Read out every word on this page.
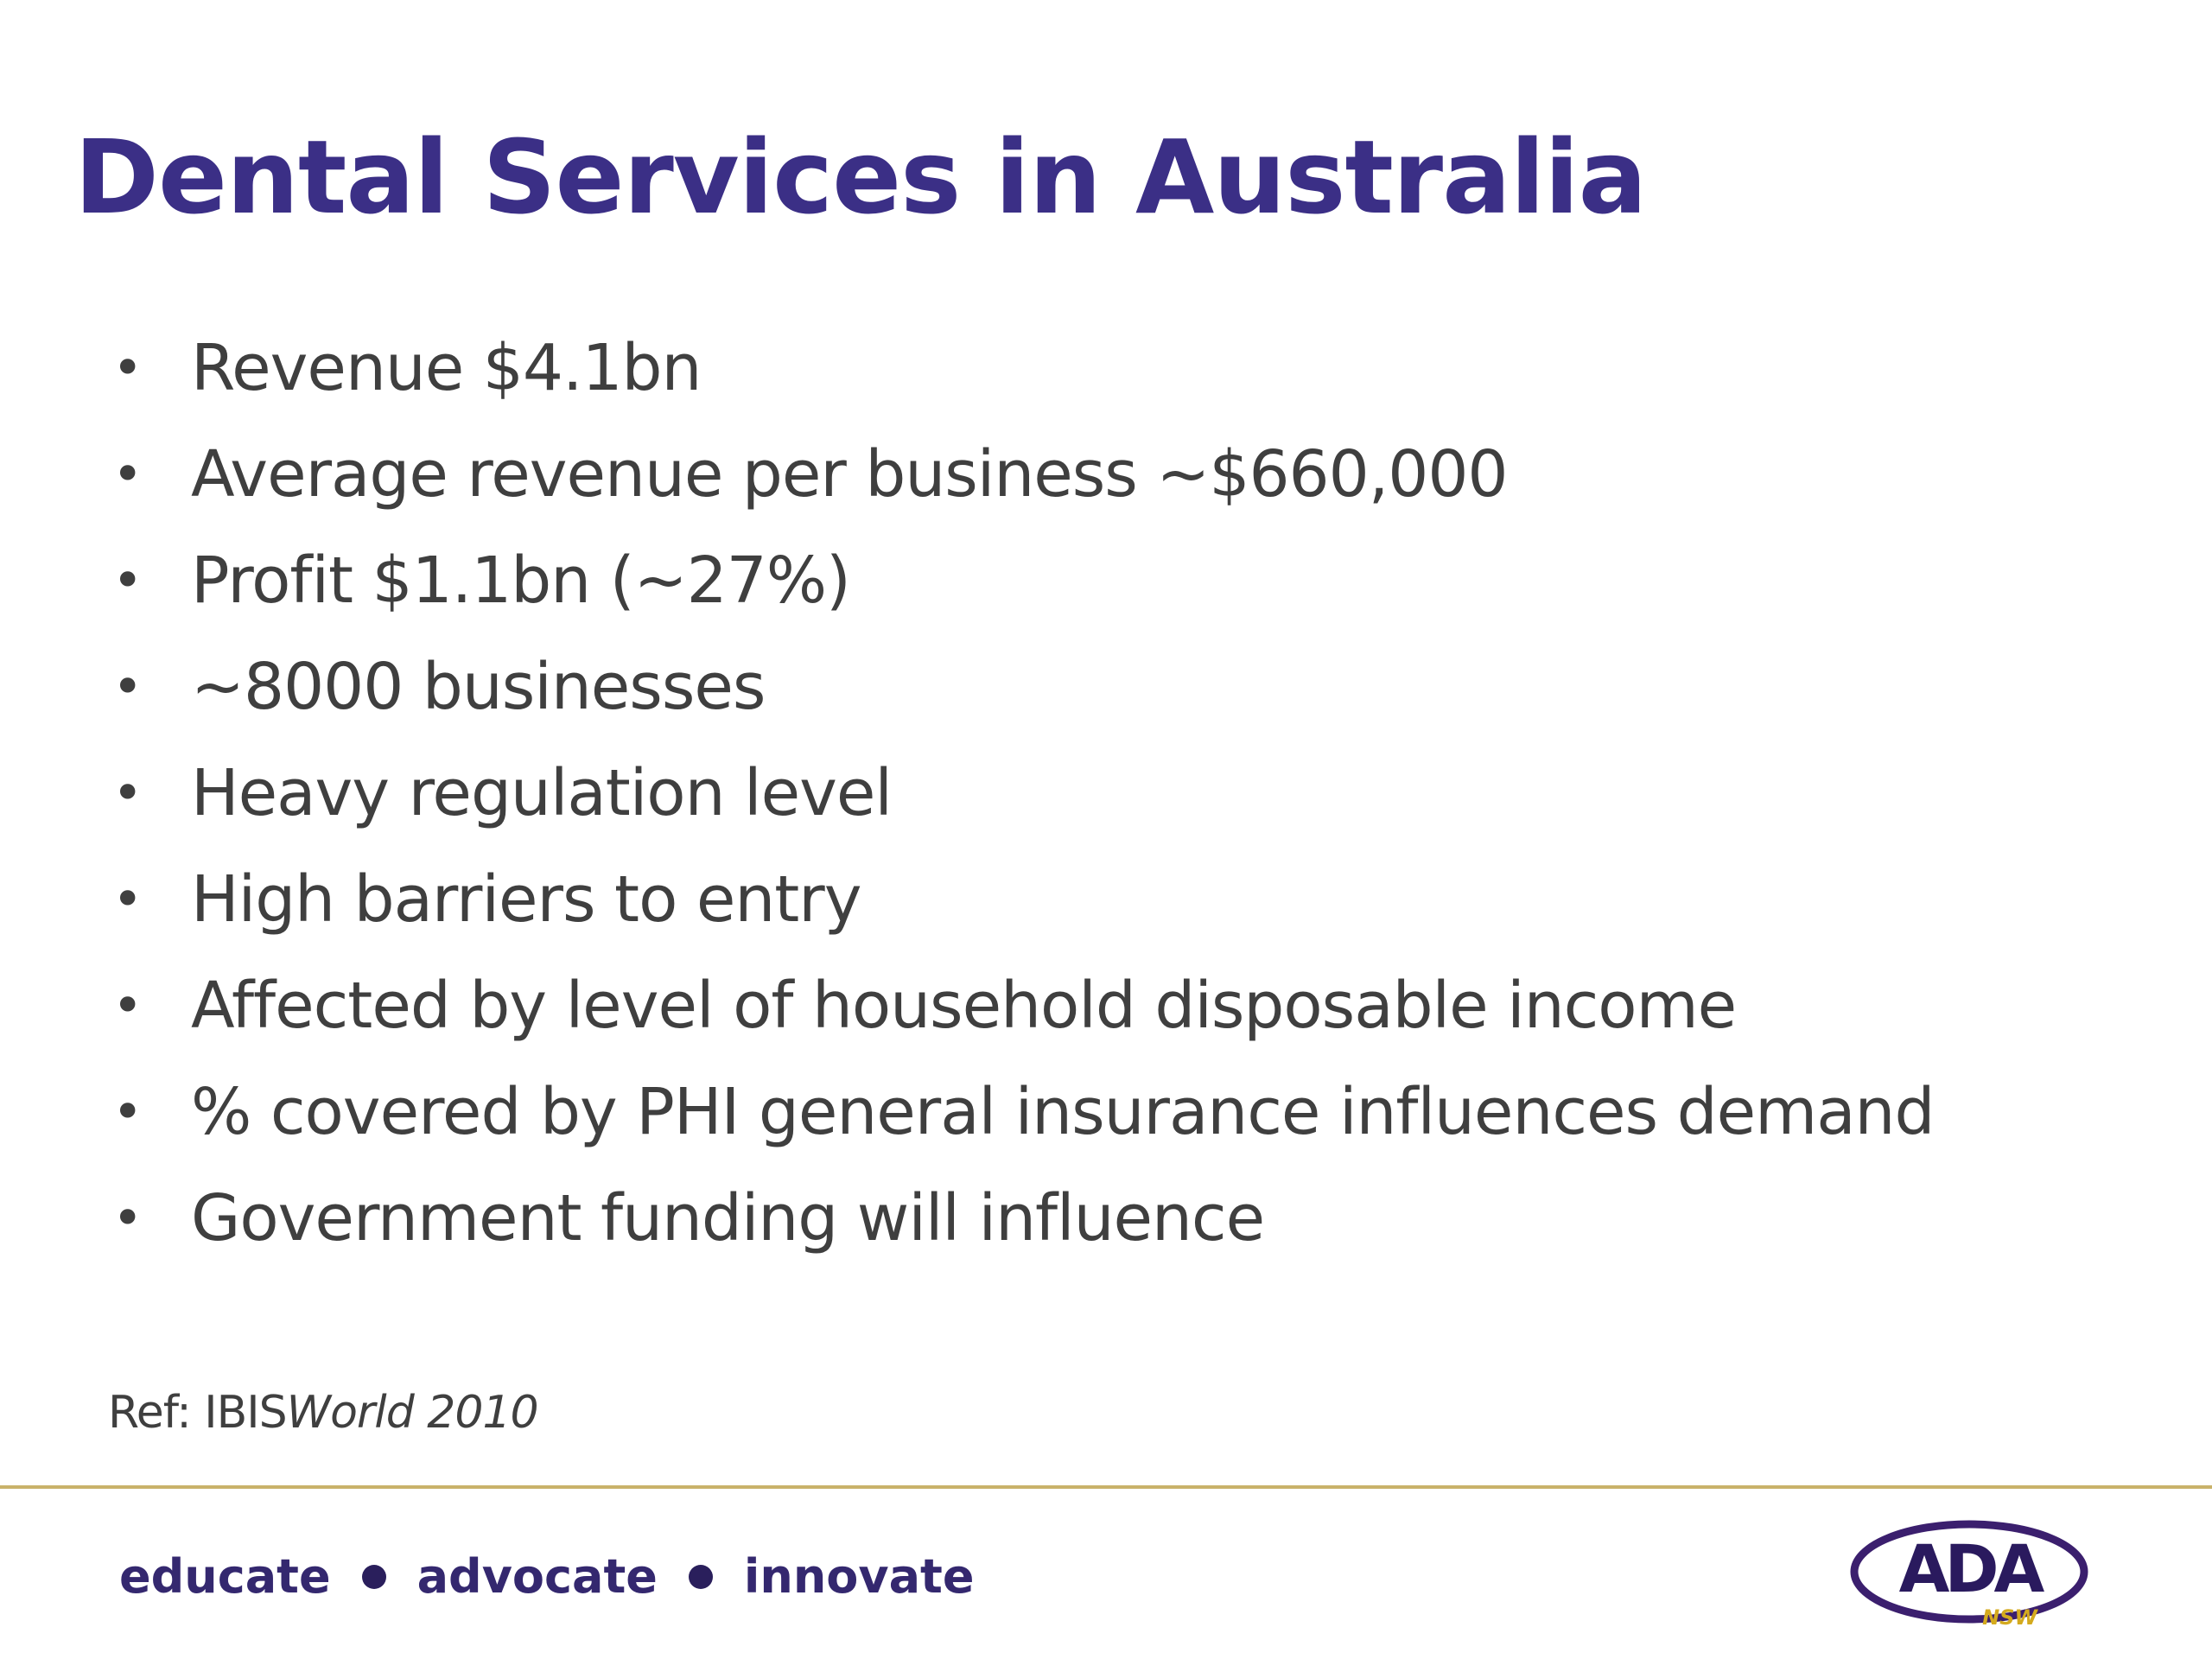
Dental Services in Australia
• Revenue $4.1bn
• Average revenue per business ~$660,000
• Profit $1.1bn (~27%)
• ~8000 businesses
• Heavy regulation level
• High barriers to entry
• Affected by level of household disposable income
• % covered by PHI general insurance influences demand
• Government funding will influence
Ref: IBISWorld 2010
educate advocate innovate	ADA
NSW
